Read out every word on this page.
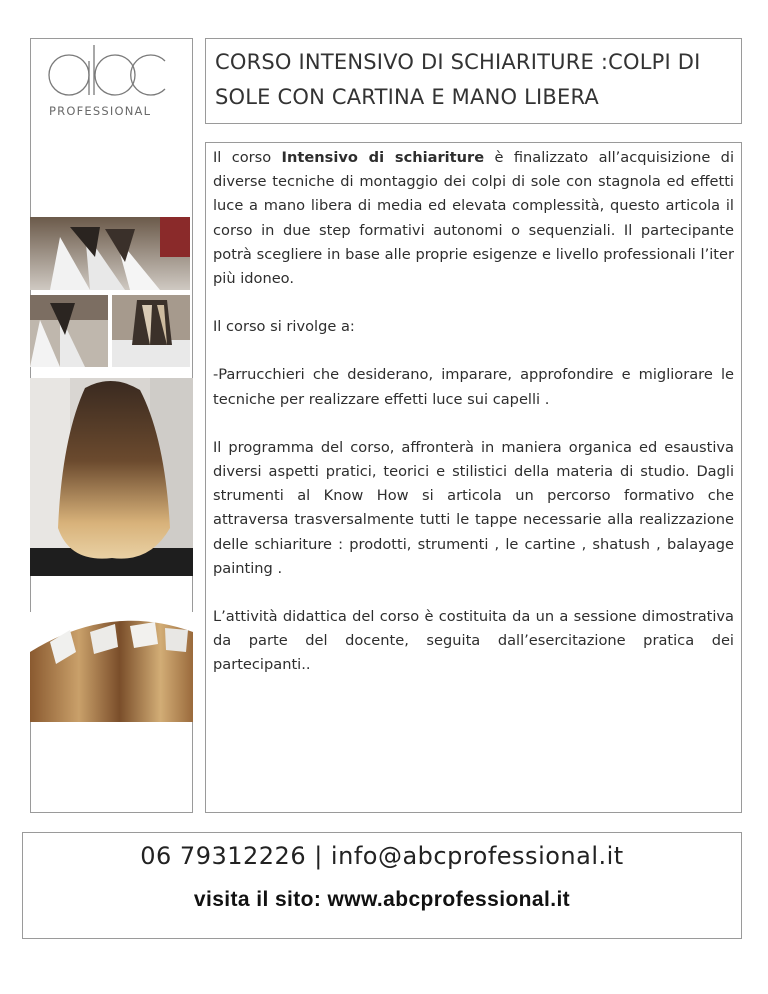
PROFESSIONAL
CORSO INTENSIVO DI SCHIARITURE :COLPI DI SOLE CON CARTINA E MANO LIBERA

Il corso Intensivo di schiariture è finalizzato all’acquisizione di diverse tecniche di montaggio dei colpi di sole con stagnola ed effetti luce a mano libera di media ed elevata complessità, questo articola il corso in due step formativi autonomi o sequenziali. Il partecipante potrà scegliere in base alle proprie esigenze e livello professionali l’iter più idoneo.

Il corso si rivolge a:

-Parrucchieri che desiderano, imparare, approfondire e migliorare le tecniche per realizzare effetti luce sui capelli .

Il programma del corso, affronterà in maniera organica ed esaustiva diversi aspetti pratici, teorici e stilistici della materia di studio. Dagli strumenti al Know How si articola un percorso formativo che attraversa trasversalmente tutti le tappe necessarie alla realizzazione delle schiariture : prodotti, strumenti , le cartine , shatush , balayage painting .

L’attività didattica del corso è costituita da un a sessione dimostrativa da parte del docente, seguita dall’esercitazione pratica dei partecipanti..

06 79312226 | info@abcprofessional.it
visita il sito: www.abcprofessional.it
